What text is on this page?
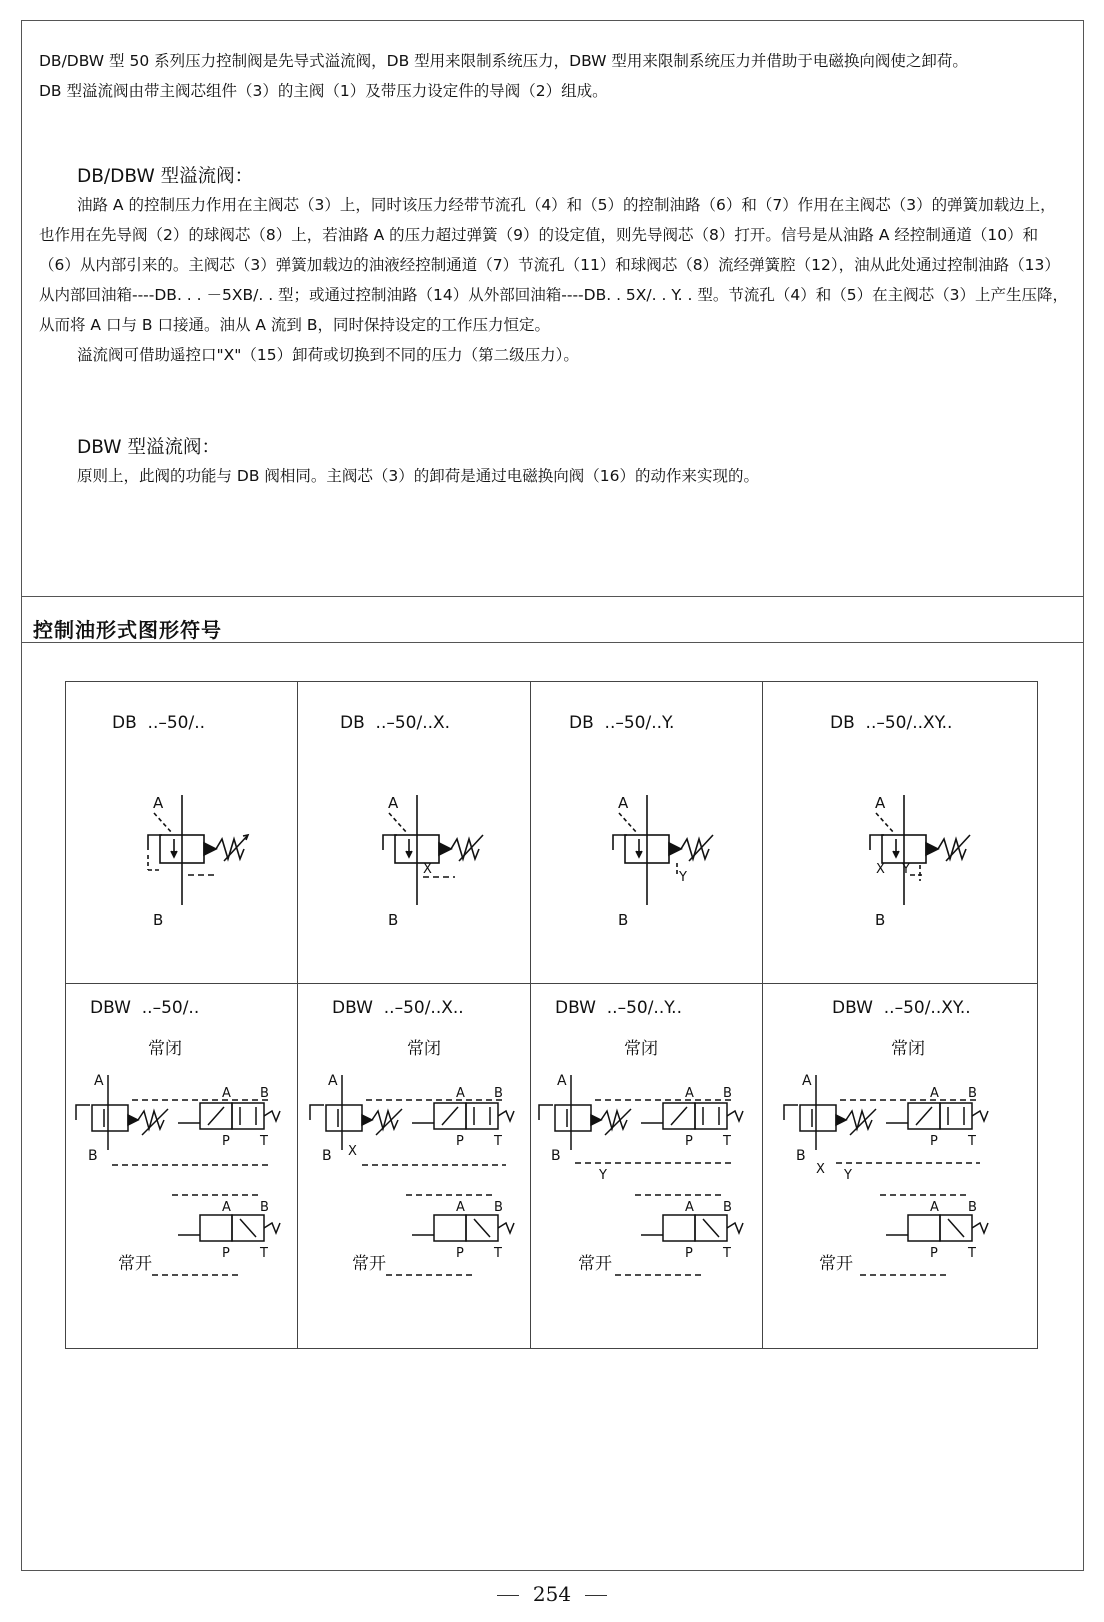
DB/DBW 型 50 系列压力控制阀是先导式溢流阀，DB 型用来限制系统压力，DBW 型用来限制系统压力并借助于电磁换向阀使之卸荷。

DB 型溢流阀由带主阀芯组件（3）的主阀（1）及带压力设定件的导阀（2）组成。

DB/DBW 型溢流阀：

油路 A 的控制压力作用在主阀芯（3）上，同时该压力经带节流孔（4）和（5）的控制油路（6）和（7）作用在主阀芯（3）的弹簧加载边上，也作用在先导阀（2）的球阀芯（8）上，若油路 A 的压力超过弹簧（9）的设定值，则先导阀芯（8）打开。信号是从油路 A 经控制通道（10）和（6）从内部引来的。主阀芯（3）弹簧加载边的油液经控制通道（7）节流孔（11）和球阀芯（8）流经弹簧腔（12），油从此处通过控制油路（13）从内部回油箱----DB. . . －5XB/. . 型；或通过控制油路（14）从外部回油箱----DB. . 5X/. . Y. . 型。节流孔（4）和（5）在主阀芯（3）上产生压降，从而将 A 口与 B 口接通。油从 A 流到 B，同时保持设定的工作压力恒定。

溢流阀可借助遥控口"X"（15）卸荷或切换到不同的压力（第二级压力）。

DBW 型溢流阀：

原则上，此阀的功能与 DB 阀相同。主阀芯（3）的卸荷是通过电磁换向阀（16）的动作来实现的。

控制油形式图形符号
DB  ..–50/..	DB  ..–50/..X.	DB  ..–50/..Y.	DB  ..–50/..XY..
DBW  ..–50/..	DBW  ..–50/..X..	DBW  ..–50/..Y..	DBW  ..–50/..XY..
常闭	常闭	常闭	常闭
常开	常开	常开	常开
A
B
A
X
B
A
Y
B
A
X Y
B
A
B
A B
P T
A B
P T
A
X
B
A B
P T
A B
P T
A
Y
B
A B
P T
A B
P T
A
X Y
B
A B
P T
A B
P T
254
